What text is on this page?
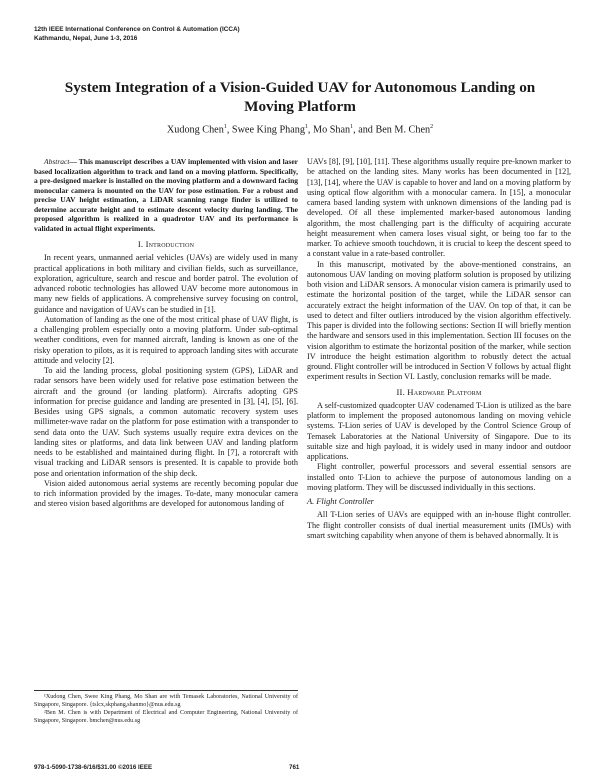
12th IEEE International Conference on Control & Automation (ICCA)
Kathmandu, Nepal, June 1-3, 2016
System Integration of a Vision-Guided UAV for Autonomous Landing on Moving Platform
Xudong Chen$^1$, Swee King Phang$^1$, Mo Shan$^1$, and Ben M. Chen$^2$

Abstract— This manuscript describes a UAV implemented with vision and laser based localization algorithm to track and land on a moving platform. Specifically, a pre-designed marker is installed on the moving platform and a downward facing monocular camera is mounted on the UAV for pose estimation. For a robust and precise UAV height estimation, a LiDAR scanning range finder is utilized to determine accurate height and to estimate descent velocity during landing. The proposed algorithm is realized in a quadrotor UAV and its performance is validated in actual flight experiments.

I. Introduction

In recent years, unmanned aerial vehicles (UAVs) are widely used in many practical applications in both military and civilian fields, such as surveillance, exploration, agriculture, search and rescue and border patrol. The evolution of advanced robotic technologies has allowed UAV become more autonomous in many new fields of applications. A comprehensive survey focusing on control, guidance and navigation of UAVs can be studied in [1].

Automation of landing as the one of the most critical phase of UAV flight, is a challenging problem especially onto a moving platform. Under sub-optimal weather conditions, even for manned aircraft, landing is known as one of the risky operation to pilots, as it is required to approach landing sites with accurate attitude and velocity [2].

To aid the landing process, global positioning system (GPS), LiDAR and radar sensors have been widely used for relative pose estimation between the aircraft and the ground (or landing platform). Aircrafts adopting GPS information for precise guidance and landing are presented in [3], [4], [5], [6]. Besides using GPS signals, a common automatic recovery system uses millimeter-wave radar on the platform for pose estimation with a transponder to send data onto the UAV. Such systems usually require extra devices on the landing sites or platforms, and data link between UAV and landing platform needs to be established and maintained during flight. In [7], a rotorcraft with visual tracking and LiDAR sensors is presented. It is capable to provide both pose and orientation information of the ship deck.

Vision aided autonomous aerial systems are recently becoming popular due to rich information provided by the images. To-date, many monocular camera and stereo vision based algorithms are developed for autonomous landing of

¹Xudong Chen, Swee King Phang, Mo Shan are with Temasek Laboratories, National University of Singapore, Singapore. {tslcx,skphang,shanmo}@nus.edu.sg

²Ben M. Chen is with Department of Electrical and Computer Engineering, National University of Singapore, Singapore. bmchen@nus.edu.sg

UAVs [8], [9], [10], [11]. These algorithms usually require pre-known marker to be attached on the landing sites. Many works has been documented in [12], [13], [14], where the UAV is capable to hover and land on a moving platform by using optical flow algorithm with a monocular camera. In [15], a monocular camera based landing system with unknown dimensions of the landing pad is developed. Of all these implemented marker-based autonomous landing algorithm, the most challenging part is the difficulty of acquiring accurate height measurement when camera loses visual sight, or being too far to the marker. To achieve smooth touchdown, it is crucial to keep the descent speed to a constant value in a rate-based controller.

In this manuscript, motivated by the above-mentioned constrains, an autonomous UAV landing on moving platform solution is proposed by utilizing both vision and LiDAR sensors. A monocular vision camera is primarily used to estimate the horizontal position of the target, while the LiDAR sensor can accurately extract the height information of the UAV. On top of that, it can be used to detect and filter outliers introduced by the vision algorithm effectively. This paper is divided into the following sections: Section II will briefly mention the hardware and sensors used in this implementation. Section III focuses on the vision algorithm to estimate the horizontal position of the marker, while section IV introduce the height estimation algorithm to robustly detect the actual ground. Flight controller will be introduced in Section V follows by actual flight experiment results in Section VI. Lastly, conclusion remarks will be made.

II. Hardware Platform

A self-customized quadcopter UAV codenamed T-Lion is utilized as the bare platform to implement the proposed autonomous landing on moving vehicle systems. T-Lion series of UAV is developed by the Control Science Group of Temasek Laboratories at the National University of Singapore. Due to its suitable size and high payload, it is widely used in many indoor and outdoor applications.

Flight controller, powerful processors and several essential sensors are installed onto T-Lion to achieve the purpose of autonomous landing on a moving platform. They will be discussed individually in this sections.

A. Flight Controller

All T-Lion series of UAVs are equipped with an in-house flight controller. The flight controller consists of dual inertial measurement units (IMUs) with smart switching capability when anyone of them is behaved abnormally. It is

978-1-5090-1738-6/16/$31.00 ©2016 IEEE	761
